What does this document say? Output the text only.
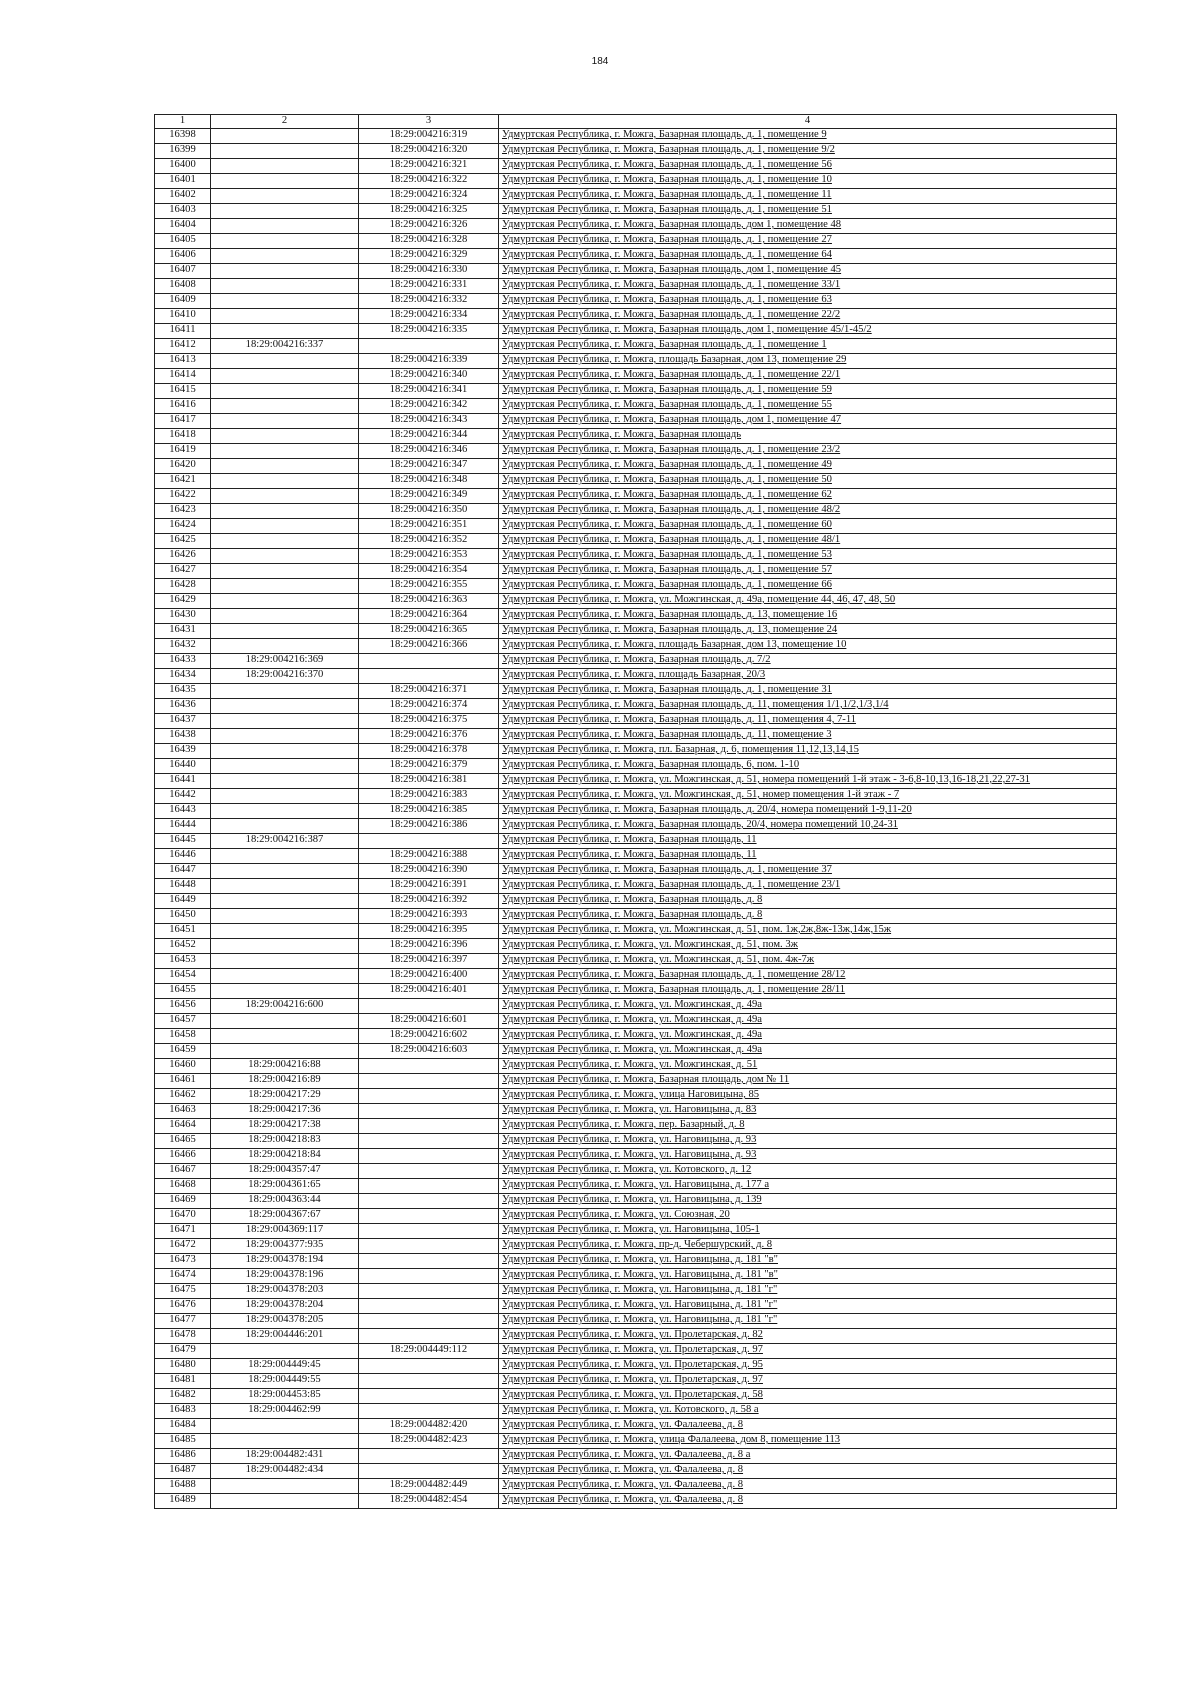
184
1	2	3	4
16398		18:29:004216:319	Удмуртская Республика, г. Можга, Базарная площадь, д. 1, помещение 9
16399		18:29:004216:320	Удмуртская Республика, г. Можга, Базарная площадь, д. 1, помещение 9/2
16400		18:29:004216:321	Удмуртская Республика, г. Можга, Базарная площадь, д. 1, помещение 56
16401		18:29:004216:322	Удмуртская Республика, г. Можга, Базарная площадь, д. 1, помещение 10
16402		18:29:004216:324	Удмуртская Республика, г. Можга, Базарная площадь, д. 1, помещение 11
16403		18:29:004216:325	Удмуртская Республика, г. Можга, Базарная площадь, д. 1, помещение 51
16404		18:29:004216:326	Удмуртская Республика, г. Можга, Базарная площадь, дом 1, помещение 48
16405		18:29:004216:328	Удмуртская Республика, г. Можга, Базарная площадь, д. 1, помещение 27
16406		18:29:004216:329	Удмуртская Республика, г. Можга, Базарная площадь, д. 1, помещение 64
16407		18:29:004216:330	Удмуртская Республика, г. Можга, Базарная площадь, дом 1, помещение 45
16408		18:29:004216:331	Удмуртская Республика, г. Можга, Базарная площадь, д. 1, помещение 33/1
16409		18:29:004216:332	Удмуртская Республика, г. Можга, Базарная площадь, д. 1, помещение 63
16410		18:29:004216:334	Удмуртская Республика, г. Можга, Базарная площадь, д. 1, помещение 22/2
16411		18:29:004216:335	Удмуртская Республика, г. Можга, Базарная площадь, дом 1, помещение 45/1-45/2
16412	18:29:004216:337		Удмуртская Республика, г. Можга, Базарная площадь, д. 1, помещение 1
16413		18:29:004216:339	Удмуртская Республика, г. Можга, площадь Базарная, дом 13, помещение 29
16414		18:29:004216:340	Удмуртская Республика, г. Можга, Базарная площадь, д. 1, помещение 22/1
16415		18:29:004216:341	Удмуртская Республика, г. Можга, Базарная площадь, д. 1, помещение 59
16416		18:29:004216:342	Удмуртская Республика, г. Можга, Базарная площадь, д. 1, помещение 55
16417		18:29:004216:343	Удмуртская Республика, г. Можга, Базарная площадь, дом 1, помещение 47
16418		18:29:004216:344	Удмуртская Республика, г. Можга, Базарная площадь
16419		18:29:004216:346	Удмуртская Республика, г. Можга, Базарная площадь, д. 1, помещение 23/2
16420		18:29:004216:347	Удмуртская Республика, г. Можга, Базарная площадь, д. 1, помещение 49
16421		18:29:004216:348	Удмуртская Республика, г. Можга, Базарная площадь, д. 1, помещение 50
16422		18:29:004216:349	Удмуртская Республика, г. Можга, Базарная площадь, д. 1, помещение 62
16423		18:29:004216:350	Удмуртская Республика, г. Можга, Базарная площадь, д. 1, помещение 48/2
16424		18:29:004216:351	Удмуртская Республика, г. Можга, Базарная площадь, д. 1, помещение 60
16425		18:29:004216:352	Удмуртская Республика, г. Можга, Базарная площадь, д. 1, помещение 48/1
16426		18:29:004216:353	Удмуртская Республика, г. Можга, Базарная площадь, д. 1, помещение 53
16427		18:29:004216:354	Удмуртская Республика, г. Можга, Базарная площадь, д. 1, помещение 57
16428		18:29:004216:355	Удмуртская Республика, г. Можга, Базарная площадь, д. 1, помещение 66
16429		18:29:004216:363	Удмуртская Республика, г. Можга, ул. Можгинская, д. 49а, помещение 44, 46, 47, 48, 50
16430		18:29:004216:364	Удмуртская Республика, г. Можга, Базарная площадь, д. 13, помещение 16
16431		18:29:004216:365	Удмуртская Республика, г. Можга, Базарная площадь, д. 13, помещение 24
16432		18:29:004216:366	Удмуртская Республика, г. Можга, площадь Базарная, дом 13, помещение 10
16433	18:29:004216:369		Удмуртская Республика, г. Можга, Базарная площадь, д. 7/2
16434	18:29:004216:370		Удмуртская Республика, г. Можга, площадь Базарная, 20/3
16435		18:29:004216:371	Удмуртская Республика, г. Можга, Базарная площадь, д. 1, помещение 31
16436		18:29:004216:374	Удмуртская Республика, г. Можга, Базарная площадь, д. 11, помещения 1/1,1/2,1/3,1/4
16437		18:29:004216:375	Удмуртская Республика, г. Можга, Базарная площадь, д. 11, помещения 4, 7-11
16438		18:29:004216:376	Удмуртская Республика, г. Можга, Базарная площадь, д. 11, помещение 3
16439		18:29:004216:378	Удмуртская Республика, г. Можга, пл. Базарная, д. 6, помещения 11,12,13,14,15
16440		18:29:004216:379	Удмуртская Республика, г. Можга, Базарная площадь, 6, пом. 1-10
16441		18:29:004216:381	Удмуртская Республика, г. Можга, ул. Можгинская, д. 51, номера помещений 1-й этаж - 3-6,8-10,13,16-18,21,22,27-31
16442		18:29:004216:383	Удмуртская Республика, г. Можга, ул. Можгинская, д. 51, номер помещения 1-й этаж - 7
16443		18:29:004216:385	Удмуртская Республика, г. Можга, Базарная площадь, д. 20/4, номера помещений 1-9,11-20
16444		18:29:004216:386	Удмуртская Республика, г. Можга, Базарная площадь, 20/4, номера помещений 10,24-31
16445	18:29:004216:387		Удмуртская Республика, г. Можга, Базарная площадь, 11
16446		18:29:004216:388	Удмуртская Республика, г. Можга, Базарная площадь, 11
16447		18:29:004216:390	Удмуртская Республика, г. Можга, Базарная площадь, д. 1, помещение 37
16448		18:29:004216:391	Удмуртская Республика, г. Можга, Базарная площадь, д. 1, помещение 23/1
16449		18:29:004216:392	Удмуртская Республика, г. Можга, Базарная площадь, д. 8
16450		18:29:004216:393	Удмуртская Республика, г. Можга, Базарная площадь, д. 8
16451		18:29:004216:395	Удмуртская Республика, г. Можга, ул. Можгинская, д. 51, пом. 1ж,2ж,8ж-13ж,14ж,15ж
16452		18:29:004216:396	Удмуртская Республика, г. Можга, ул. Можгинская, д. 51, пом. 3ж
16453		18:29:004216:397	Удмуртская Республика, г. Можга, ул. Можгинская, д. 51, пом. 4ж-7ж
16454		18:29:004216:400	Удмуртская Республика, г. Можга, Базарная площадь, д. 1, помещение 28/12
16455		18:29:004216:401	Удмуртская Республика, г. Можга, Базарная площадь, д. 1, помещение 28/11
16456	18:29:004216:600		Удмуртская Республика, г. Можга, ул. Можгинская, д. 49а
16457		18:29:004216:601	Удмуртская Республика, г. Можга, ул. Можгинская, д. 49а
16458		18:29:004216:602	Удмуртская Республика, г. Можга, ул. Можгинская, д. 49а
16459		18:29:004216:603	Удмуртская Республика, г. Можга, ул. Можгинская, д. 49а
16460	18:29:004216:88		Удмуртская Республика, г. Можга, ул. Можгинская, д. 51
16461	18:29:004216:89		Удмуртская Республика, г. Можга, Базарная площадь, дом № 11
16462	18:29:004217:29		Удмуртская Республика, г. Можга, улица Наговицына, 85
16463	18:29:004217:36		Удмуртская Республика, г. Можга, ул. Наговицына, д. 83
16464	18:29:004217:38		Удмуртская Республика, г. Можга, пер. Базарный, д. 8
16465	18:29:004218:83		Удмуртская Республика, г. Можга, ул. Наговицына, д. 93
16466	18:29:004218:84		Удмуртская Республика, г. Можга, ул. Наговицына, д. 93
16467	18:29:004357:47		Удмуртская Республика, г. Можга, ул. Котовского, д. 12
16468	18:29:004361:65		Удмуртская Республика, г. Можга, ул. Наговицына, д. 177 а
16469	18:29:004363:44		Удмуртская Республика, г. Можга, ул. Наговицына, д. 139
16470	18:29:004367:67		Удмуртская Республика, г. Можга, ул. Союзная, 20
16471	18:29:004369:117		Удмуртская Республика, г. Можга, ул. Наговицына, 105-1
16472	18:29:004377:935		Удмуртская Республика, г. Можга, пр-д. Чебершурский, д. 8
16473	18:29:004378:194		Удмуртская Республика, г. Можга, ул. Наговицына, д. 181 "в"
16474	18:29:004378:196		Удмуртская Республика, г. Можга, ул. Наговицына, д. 181 "в"
16475	18:29:004378:203		Удмуртская Республика, г. Можга, ул. Наговицына, д. 181 "г"
16476	18:29:004378:204		Удмуртская Республика, г. Можга, ул. Наговицына, д. 181 "г"
16477	18:29:004378:205		Удмуртская Республика, г. Можга, ул. Наговицына, д. 181 "г"
16478	18:29:004446:201		Удмуртская Республика, г. Можга, ул. Пролетарская, д. 82
16479		18:29:004449:112	Удмуртская Республика, г. Можга, ул. Пролетарская, д. 97
16480	18:29:004449:45		Удмуртская Республика, г. Можга, ул. Пролетарская, д. 95
16481	18:29:004449:55		Удмуртская Республика, г. Можга, ул. Пролетарская, д. 97
16482	18:29:004453:85		Удмуртская Республика, г. Можга, ул. Пролетарская, д. 58
16483	18:29:004462:99		Удмуртская Республика, г. Можга, ул. Котовского, д. 58 а
16484		18:29:004482:420	Удмуртская Республика, г. Можга, ул. Фалалеева, д. 8
16485		18:29:004482:423	Удмуртская Республика, г. Можга, улица Фалалеева, дом 8, помещение 113
16486	18:29:004482:431		Удмуртская Республика, г. Можга, ул. Фалалеева, д. 8 а
16487	18:29:004482:434		Удмуртская Республика, г. Можга, ул. Фалалеева, д. 8
16488		18:29:004482:449	Удмуртская Республика, г. Можга, ул. Фалалеева, д. 8
16489		18:29:004482:454	Удмуртская Республика, г. Можга, ул. Фалалеева, д. 8
